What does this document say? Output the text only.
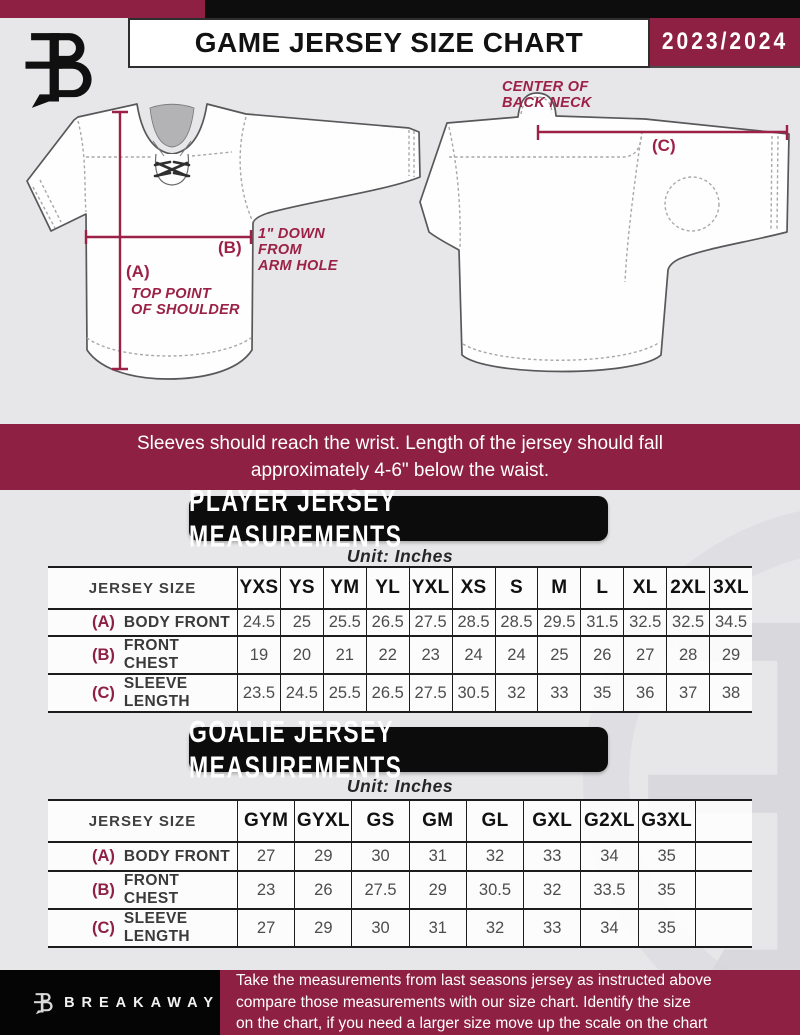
GAME JERSEY SIZE CHART	2023/2024
(B)
1" DOWN
FROM
ARM HOLE
(A)
TOP POINT
OF SHOULDER
(C)
CENTER OF
BACK NECK
Sleeves should reach the wrist. Length of the jersey should fall
approximately 4-6" below the waist.
PLAYER JERSEY MEASUREMENTS
Unit: Inches
JERSEY SIZE	YXS YS YM YL YXL XS	S	M	L	XL 2XL 3XL
(A) BODY FRONT 24.5	25	25.5 26.5 27.5 28.5 28.5 29.5 31.5 32.5 32.5 34.5
(B) FRONT CHEST	19	20	21	22	23	24	24	25	26	27	28	29
(C) SLEEVE LENGTH	23.5 24.5 25.5 26.5 27.5 30.5	32	33	35	36	37	38
GOALIE JERSEY MEASUREMENTS
Unit: Inches
JERSEY SIZE	GYM GYXL GS	GM	GL	GXL G2XL G3XL
(A) BODY FRONT	27	29	30	31	32	33	34	35
(B) FRONT CHEST	23	26	27.5	29	30.5	32	33.5	35
(C) SLEEVE LENGTH	27	29	30	31	32	33	34	35
BREAKAWAY
Take the measurements from last seasons jersey as instructed above
compare those measurements with our size chart. Identify the size
on the chart, if you need a larger size move up the scale on the chart
